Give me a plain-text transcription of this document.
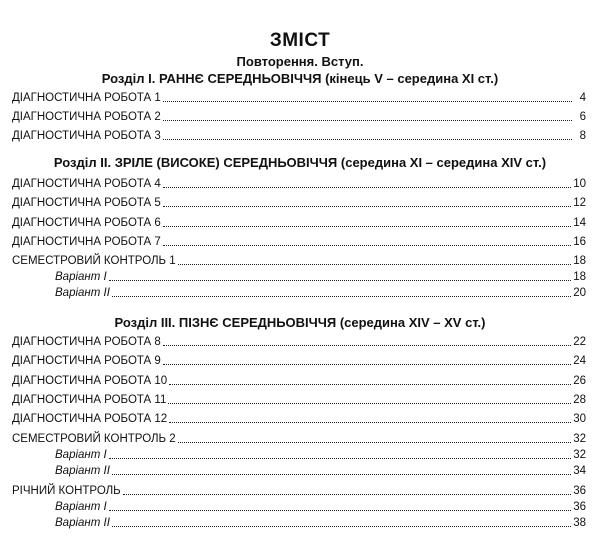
ЗМІСТ
Повторення. Вступ.
Розділ І. РАННЄ СЕРЕДНЬОВІЧЧЯ (кінець V – середина ХІ ст.)
ДІАГНОСТИЧНА РОБОТА 1	4
ДІАГНОСТИЧНА РОБОТА 2	6
ДІАГНОСТИЧНА РОБОТА 3	8
Розділ ІІ. ЗРІЛЕ (ВИСОКЕ) СЕРЕДНЬОВІЧЧЯ (середина ХІ – середина XIV ст.)
ДІАГНОСТИЧНА РОБОТА 4	10
ДІАГНОСТИЧНА РОБОТА 5	12
ДІАГНОСТИЧНА РОБОТА 6	14
ДІАГНОСТИЧНА РОБОТА 7	16
СЕМЕСТРОВИЙ КОНТРОЛЬ 1	18
Варіант І	18
Варіант ІІ	20
Розділ ІІІ. ПІЗНЄ СЕРЕДНЬОВІЧЧЯ (середина XIV – XV ст.)
ДІАГНОСТИЧНА РОБОТА 8	22
ДІАГНОСТИЧНА РОБОТА 9	24
ДІАГНОСТИЧНА РОБОТА 10	26
ДІАГНОСТИЧНА РОБОТА 11	28
ДІАГНОСТИЧНА РОБОТА 12	30
СЕМЕСТРОВИЙ КОНТРОЛЬ 2	32
Варіант І	32
Варіант ІІ	34
РІЧНИЙ КОНТРОЛЬ	36
Варіант І	36
Варіант ІІ	38
